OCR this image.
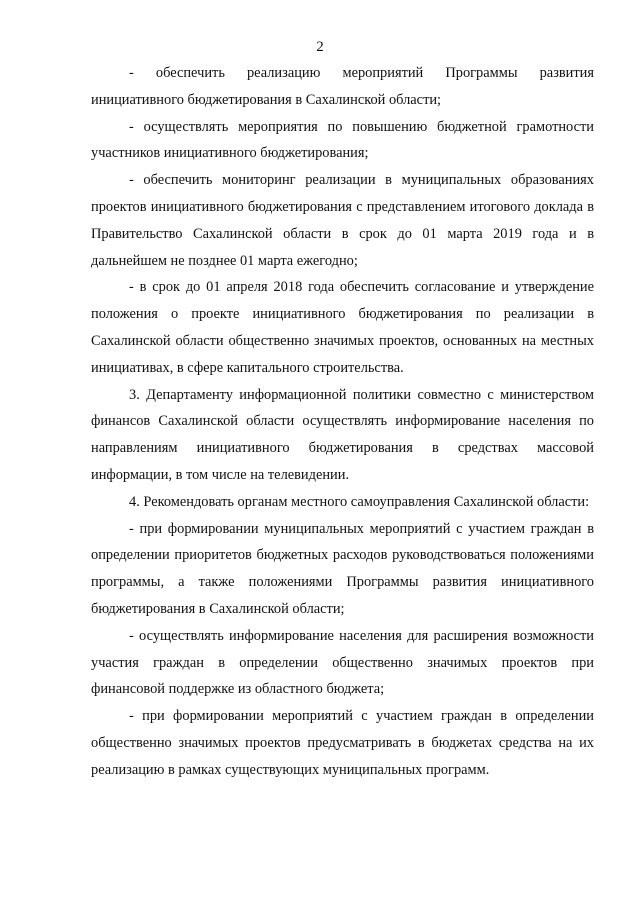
2

- обеспечить реализацию мероприятий Программы развития инициативного бюджетирования в Сахалинской области;

- осуществлять мероприятия по повышению бюджетной грамотности участников инициативного бюджетирования;

- обеспечить мониторинг реализации в муниципальных образованиях проектов инициативного бюджетирования с представлением итогового доклада в Правительство Сахалинской области в срок до 01 марта 2019 года и в дальнейшем не позднее 01 марта ежегодно;

- в срок до 01 апреля 2018 года обеспечить согласование и утверждение положения о проекте инициативного бюджетирования по реализации в Сахалинской области общественно значимых проектов, основанных на местных инициативах, в сфере капитального строительства.

3. Департаменту информационной политики совместно с министерством финансов Сахалинской области осуществлять информирование населения по направлениям инициативного бюджетирования в средствах массовой информации, в том числе на телевидении.

4. Рекомендовать органам местного самоуправления Сахалинской области:

- при формировании муниципальных мероприятий с участием граждан в определении приоритетов бюджетных расходов руководствоваться положениями программы, а также положениями Программы развития инициативного бюджетирования в Сахалинской области;

- осуществлять информирование населения для расширения возможности участия граждан в определении общественно значимых проектов при финансовой поддержке из областного бюджета;

- при формировании мероприятий с участием граждан в определении общественно значимых проектов предусматривать в бюджетах средства на их реализацию в рамках существующих муниципальных программ.
